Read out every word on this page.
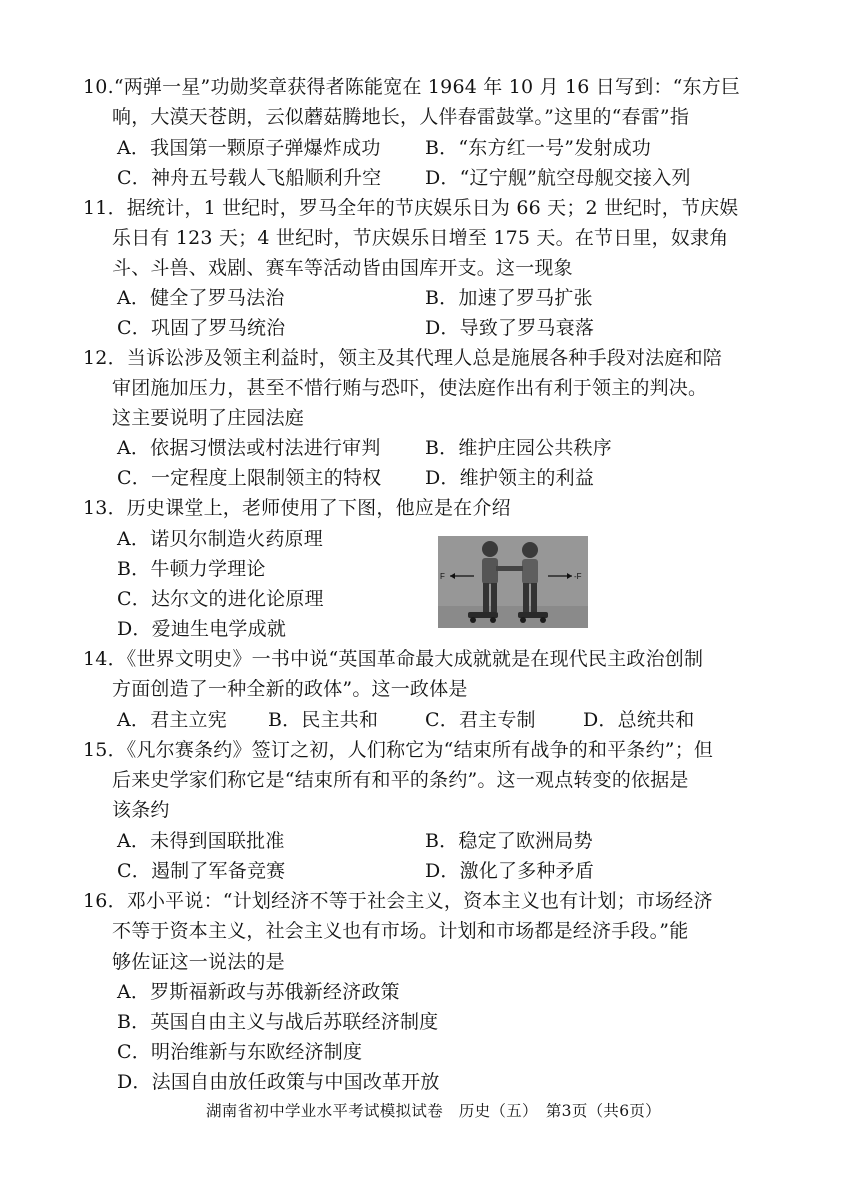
10.“两弹一星”功勋奖章获得者陈能宽在 1964 年 10 月 16 日写到：“东方巨
响，大漠天苍朗，云似蘑菇腾地长，人伴春雷鼓掌。”这里的“春雷”指
A．我国第一颗原子弹爆炸成功 B．“东方红一号”发射成功
C．神舟五号载人飞船顺利升空 D．“辽宁舰”航空母舰交接入列
11．据统计，1 世纪时，罗马全年的节庆娱乐日为 66 天；2 世纪时，节庆娱
乐日有 123 天；4 世纪时，节庆娱乐日增至 175 天。在节日里，奴隶角
斗、斗兽、戏剧、赛车等活动皆由国库开支。这一现象
A．健全了罗马法治	B．加速了罗马扩张
C．巩固了罗马统治	D．导致了罗马衰落
12．当诉讼涉及领主利益时，领主及其代理人总是施展各种手段对法庭和陪
审团施加压力，甚至不惜行贿与恐吓，使法庭作出有利于领主的判决。
这主要说明了庄园法庭
A．依据习惯法或村法进行审判 B．维护庄园公共秩序
C．一定程度上限制领主的特权 D．维护领主的利益
13．历史课堂上，老师使用了下图，他应是在介绍
A．诺贝尔制造火药原理
B．牛顿力学理论
C．达尔文的进化论原理
D．爱迪生电学成就
F	-F
14．《世界文明史》一书中说“英国革命最大成就就是在现代民主政治创制
方面创造了一种全新的政体”。这一政体是
A．君主立宪 B．民主共和 C．君主专制 D．总统共和
15．《凡尔赛条约》签订之初，人们称它为“结束所有战争的和平条约”；但
后来史学家们称它是“结束所有和平的条约”。这一观点转变的依据是
该条约
A．未得到国联批准	B．稳定了欧洲局势
C．遏制了军备竞赛	D．激化了多种矛盾
16．邓小平说：“计划经济不等于社会主义，资本主义也有计划；市场经济
不等于资本主义，社会主义也有市场。计划和市场都是经济手段。”能
够佐证这一说法的是
A．罗斯福新政与苏俄新经济政策
B．英国自由主义与战后苏联经济制度
C．明治维新与东欧经济制度
D．法国自由放任政策与中国改革开放
湖南省初中学业水平考试模拟试卷　历史（五）　第3页（共6页）
